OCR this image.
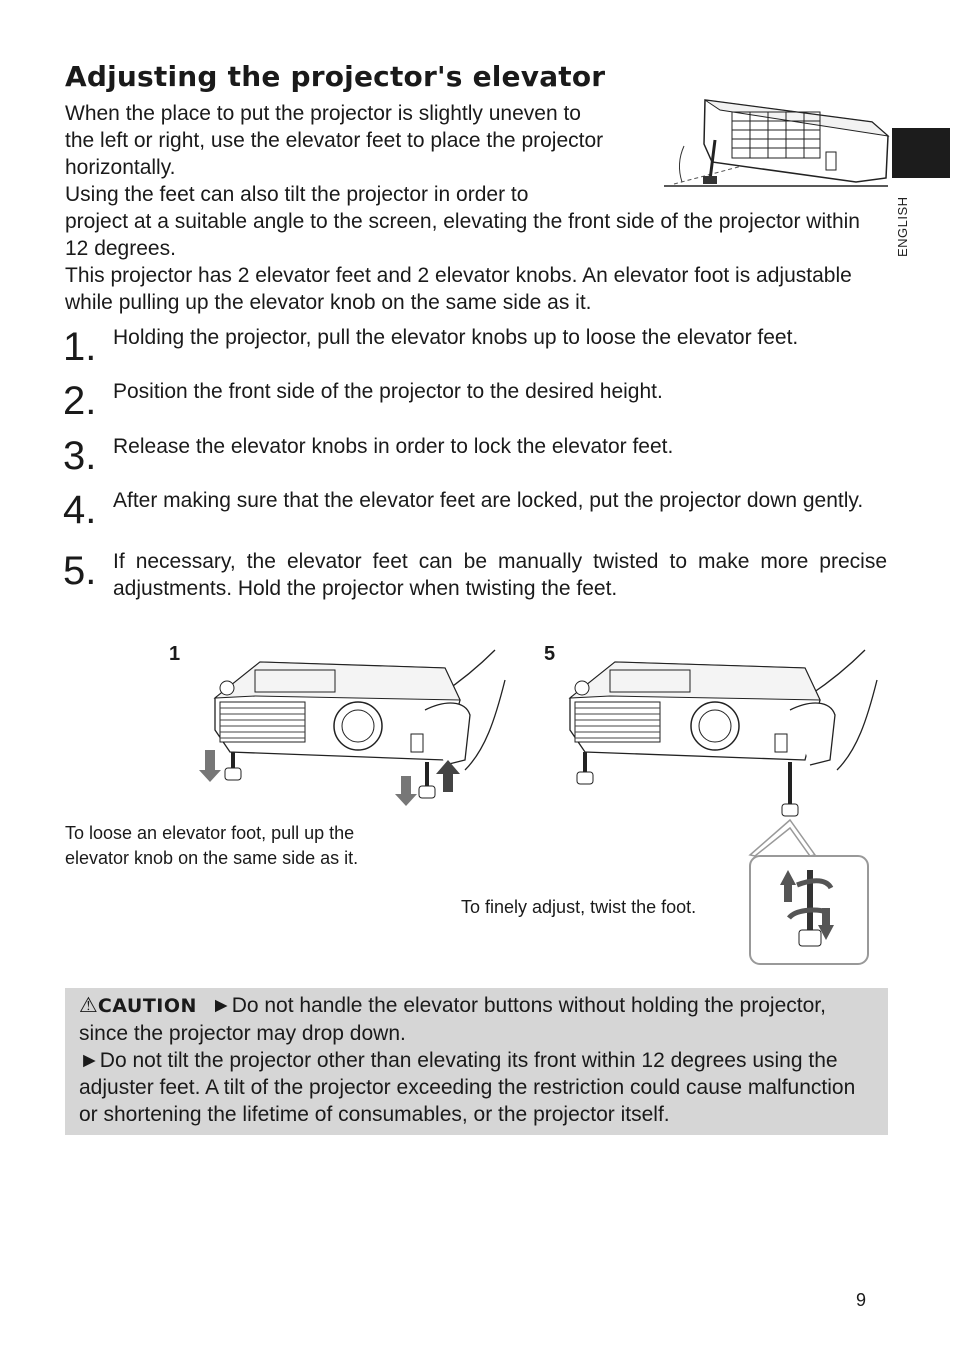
Adjusting the projector's elevator
ENGLISH

When the place to put the projector is slightly uneven to the left or right, use the elevator feet to place the projector horizontally.

Using the feet can also tilt the projector in order to
project at a suitable angle to the screen, elevating the front side of the projector within 12 degrees.

This projector has 2 elevator feet and 2 elevator knobs. An elevator foot is adjustable while pulling up the elevator knob on the same side as it.

1. Holding the projector, pull the elevator knobs up to loose the elevator feet.

2. Position the front side of the projector to the desired height.

3. Release the elevator knobs in order to lock the elevator feet.

4. After making sure that the elevator feet are locked, put the projector down gently.

5. If necessary, the elevator feet can be manually twisted to make more precise adjustments. Hold the projector when twisting the feet.

1	5
To loose an elevator foot, pull up the elevator knob on the same side as it.
To finely adjust, twist the foot.
⚠CAUTION ►Do not handle the elevator buttons without holding the projector, since the projector may drop down.
►Do not tilt the projector other than elevating its front within 12 degrees using the adjuster feet. A tilt of the projector exceeding the restriction could cause malfunction or shortening the lifetime of consumables, or the projector itself.
9
